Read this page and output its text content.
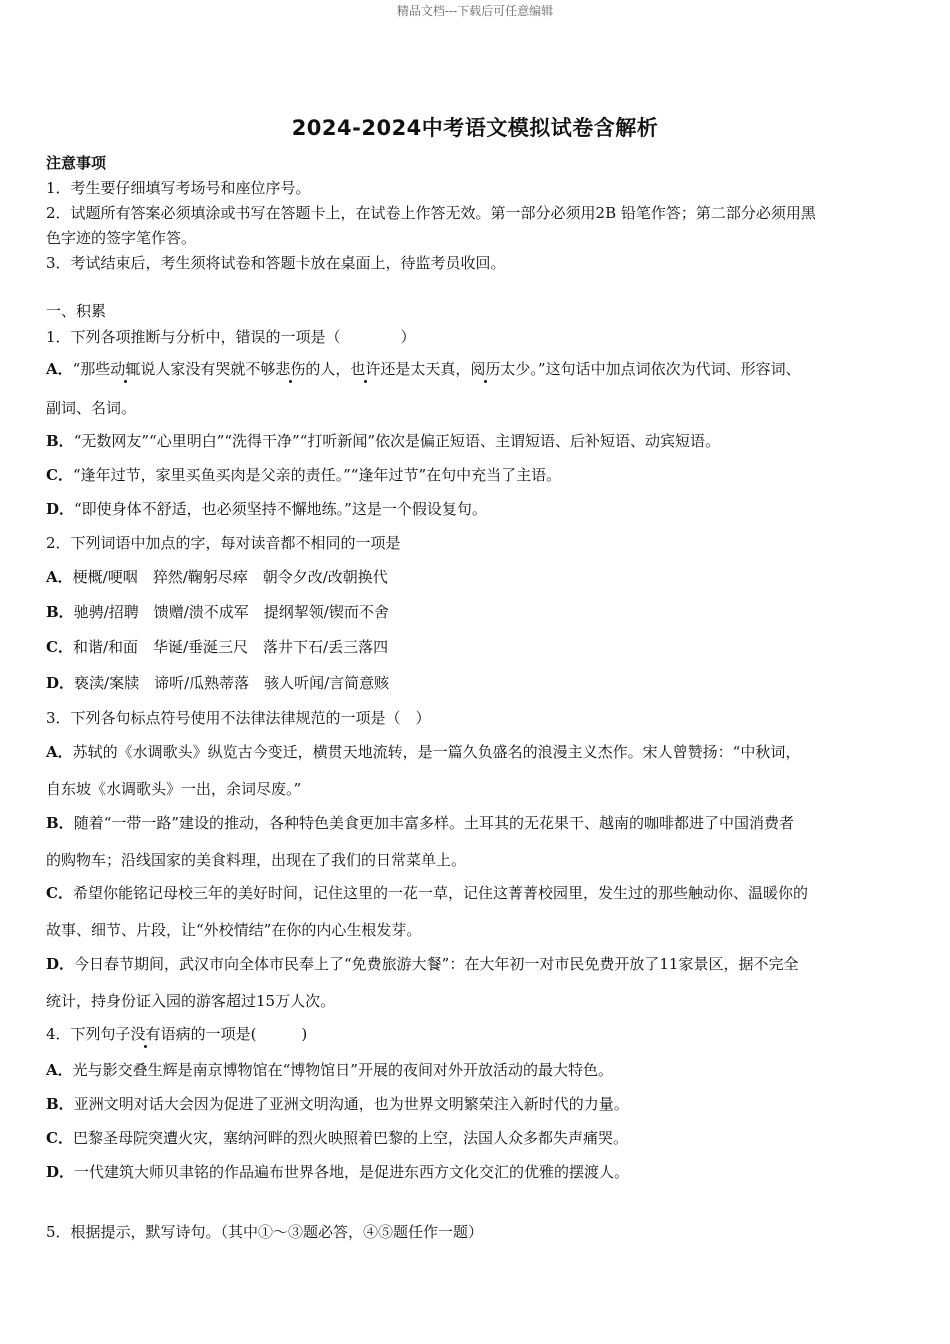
精品文档---下载后可任意编辑
2024-2024中考语文模拟试卷含解析
注意事项
1．考生要仔细填写考场号和座位序号。
2．试题所有答案必须填涂或书写在答题卡上，在试卷上作答无效。第一部分必须用2B 铅笔作答；第二部分必须用黑
色字迹的签字笔作答。
3．考试结束后，考生须将试卷和答题卡放在桌面上，待监考员收回。
一、积累
1．下列各项推断与分析中，错误的一项是（　　　　）
A．“那些动辄说人家没有哭就不够悲伤的人，也许还是太天真，阅历太少。”这句话中加点词依次为代词、形容词、
副词、名词。
B．“无数网友”“心里明白”“洗得干净”“打听新闻”依次是偏正短语、主谓短语、后补短语、动宾短语。
C．“逢年过节，家里买鱼买肉是父亲的责任。”“逢年过节”在句中充当了主语。
D．“即使身体不舒适，也必须坚持不懈地练。”这是一个假设复句。
2．下列词语中加点的字，每对读音都不相同的一项是
A．梗概/哽咽　猝然/鞠躬尽瘁　朝令夕改/改朝换代
B．驰骋/招聘　馈赠/溃不成军　提纲挈领/锲而不舍
C．和谐/和面　华诞/垂涎三尺　落井下石/丢三落四
D．亵渎/案牍　谛听/瓜熟蒂落　骇人听闻/言简意赅
3．下列各句标点符号使用不法律法律规范的一项是（　）
A．苏轼的《水调歌头》纵览古今变迁，横贯天地流转，是一篇久负盛名的浪漫主义杰作。宋人曾赞扬：“中秋词，
自东坡《水调歌头》一出，余词尽废。”
B．随着“一带一路”建设的推动，各种特色美食更加丰富多样。土耳其的无花果干、越南的咖啡都进了中国消费者
的购物车；沿线国家的美食料理，出现在了我们的日常菜单上。
C．希望你能铭记母校三年的美好时间，记住这里的一花一草，记住这菁菁校园里，发生过的那些触动你、温暖你的
故事、细节、片段，让“外校情结”在你的内心生根发芽。
D．今日春节期间，武汉市向全体市民奉上了“免费旅游大餐”：在大年初一对市民免费开放了11家景区，据不完全
统计，持身份证入园的游客超过15万人次。
4．下列句子没有语病的一项是(　　　)
A．光与影交叠生辉是南京博物馆在“博物馆日”开展的夜间对外开放活动的最大特色。
B．亚洲文明对话大会因为促进了亚洲文明沟通，也为世界文明繁荣注入新时代的力量。
C．巴黎圣母院突遭火灾，塞纳河畔的烈火映照着巴黎的上空，法国人众多都失声痛哭。
D．一代建筑大师贝聿铭的作品遍布世界各地，是促进东西方文化交汇的优雅的摆渡人。
5．根据提示，默写诗句。（其中①～③题必答，④⑤题任作一题）
